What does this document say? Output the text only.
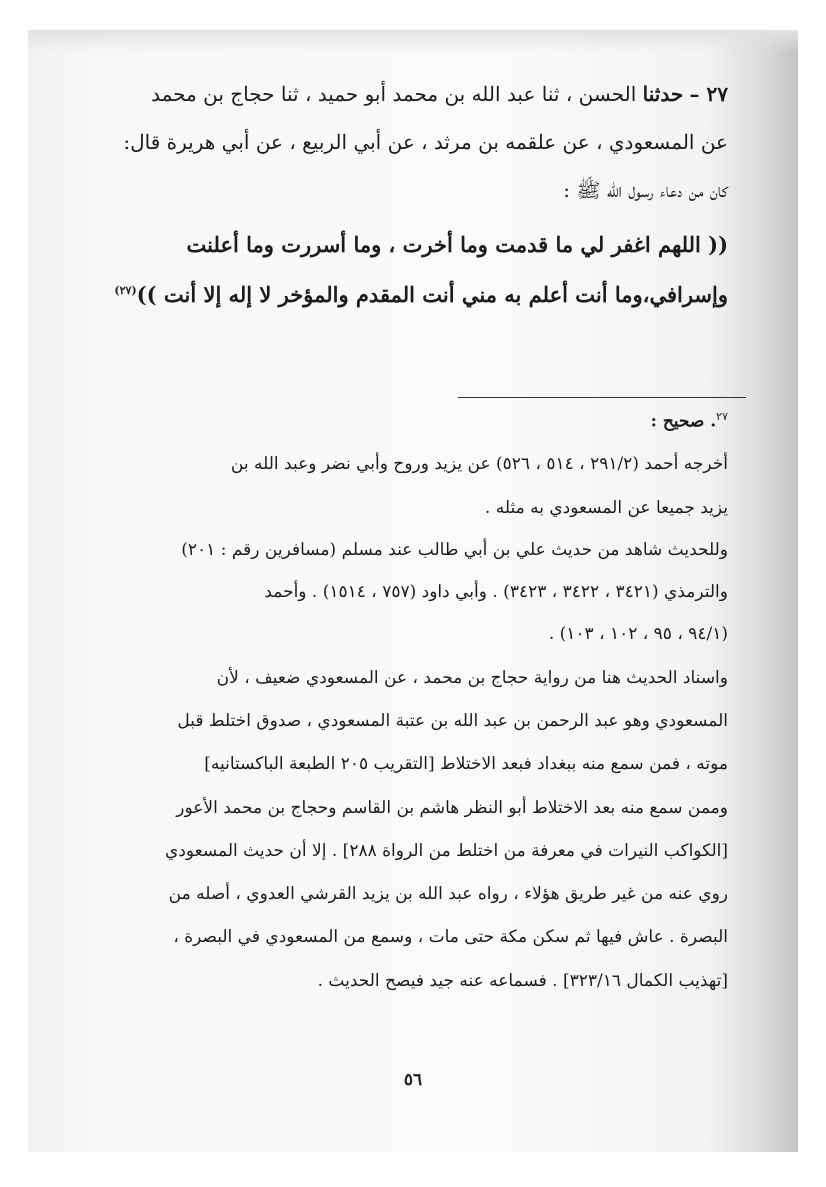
٢٧ – حدثنا الحسن ، ثنا عبد الله بن محمد أبو حميد ، ثنا حجاج بن محمد
عن المسعودي ، عن علقمه بن مرثد ، عن أبي الربيع ، عن أبي هريرة قال:
كان من دعاء رسول الله ﷺ :
(( اللهم اغفر لي ما قدمت وما أخرت ، وما أسررت وما أعلنت
وإسرافي،وما أنت أعلم به مني أنت المقدم والمؤخر لا إله إلا أنت ))$^{(٢٧)}$
$^{٢٧}$. صحيح :
أخرجه أحمد (٢٩١/٢ ، ٥١٤ ، ٥٢٦) عن يزيد وروح وأبي نضر وعبد الله بن
يزيد جميعا عن المسعودي به مثله .
وللحديث شاهد من حديث علي بن أبي طالب عند مسلم (مسافرين رقم : ٢٠١)
والترمذي (٣٤٢١ ، ٣٤٢٢ ، ٣٤٢٣) . وأبي داود (٧٥٧ ، ١٥١٤) . وأحمد
(٩٤/١ ، ٩٥ ، ١٠٢ ، ١٠٣) .
واسناد الحديث هنا من رواية حجاج بن محمد ، عن المسعودي ضعيف ، لأن
المسعودي وهو عبد الرحمن بن عبد الله بن عتبة المسعودي ، صدوق اختلط قبل
موته ، فمن سمع منه ببغداد فبعد الاختلاط [التقريب ٢٠٥ الطبعة الباكستانيه]
وممن سمع منه بعد الاختلاط أبو النظر هاشم بن القاسم وحجاج بن محمد الأعور
[الكواكب النيرات في معرفة من اختلط من الرواة ٢٨٨] . إلا أن حديث المسعودي
روي عنه من غير طريق هؤلاء ، رواه عبد الله بن يزيد القرشي العدوي ، أصله من
البصرة . عاش فيها ثم سكن مكة حتى مات ، وسمع من المسعودي في البصرة ،
[تهذيب الكمال ٣٢٣/١٦] . فسماعه عنه جيد فيصح الحديث .
٥٦
